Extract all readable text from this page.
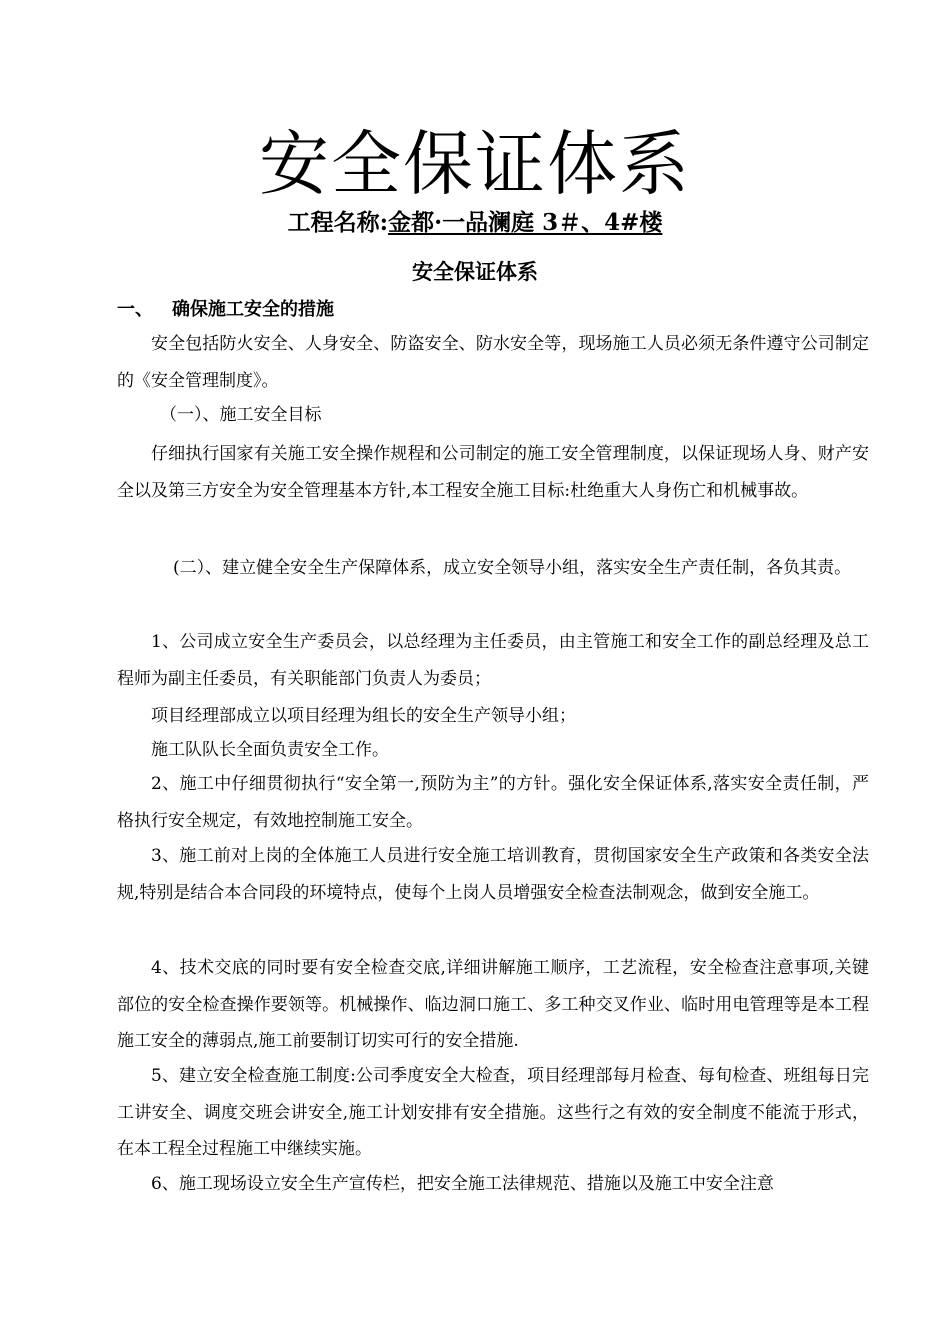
安全保证体系

工程名称:金都·一品澜庭 3＃、4#楼

安全保证体系
一、 确保施工安全的措施

安全包括防火安全、人身安全、防盗安全、防水安全等，现场施工人员必须无条件遵守公司制定的《安全管理制度》。

（一）、施工安全目标

仔细执行国家有关施工安全操作规程和公司制定的施工安全管理制度，以保证现场人身、财产安全以及第三方安全为安全管理基本方针,本工程安全施工目标:杜绝重大人身伤亡和机械事故。

(二）、建立健全安全生产保障体系，成立安全领导小组，落实安全生产责任制，各负其责。

1、公司成立安全生产委员会，以总经理为主任委员，由主管施工和安全工作的副总经理及总工程师为副主任委员，有关职能部门负责人为委员；

项目经理部成立以项目经理为组长的安全生产领导小组；

施工队队长全面负责安全工作。

2、施工中仔细贯彻执行“安全第一,预防为主”的方针。强化安全保证体系,落实安全责任制，严格执行安全规定，有效地控制施工安全。

3、施工前对上岗的全体施工人员进行安全施工培训教育，贯彻国家安全生产政策和各类安全法规,特别是结合本合同段的环境特点，使每个上岗人员增强安全检查法制观念，做到安全施工。

4、技术交底的同时要有安全检查交底,详细讲解施工顺序，工艺流程，安全检查注意事项,关键部位的安全检查操作要领等。机械操作、临边洞口施工、多工种交叉作业、临时用电管理等是本工程施工安全的薄弱点,施工前要制订切实可行的安全措施.

5、建立安全检查施工制度:公司季度安全大检查，项目经理部每月检查、每旬检查、班组每日完工讲安全、调度交班会讲安全,施工计划安排有安全措施。这些行之有效的安全制度不能流于形式，在本工程全过程施工中继续实施。

6、施工现场设立安全生产宣传栏，把安全施工法律规范、措施以及施工中安全注意
